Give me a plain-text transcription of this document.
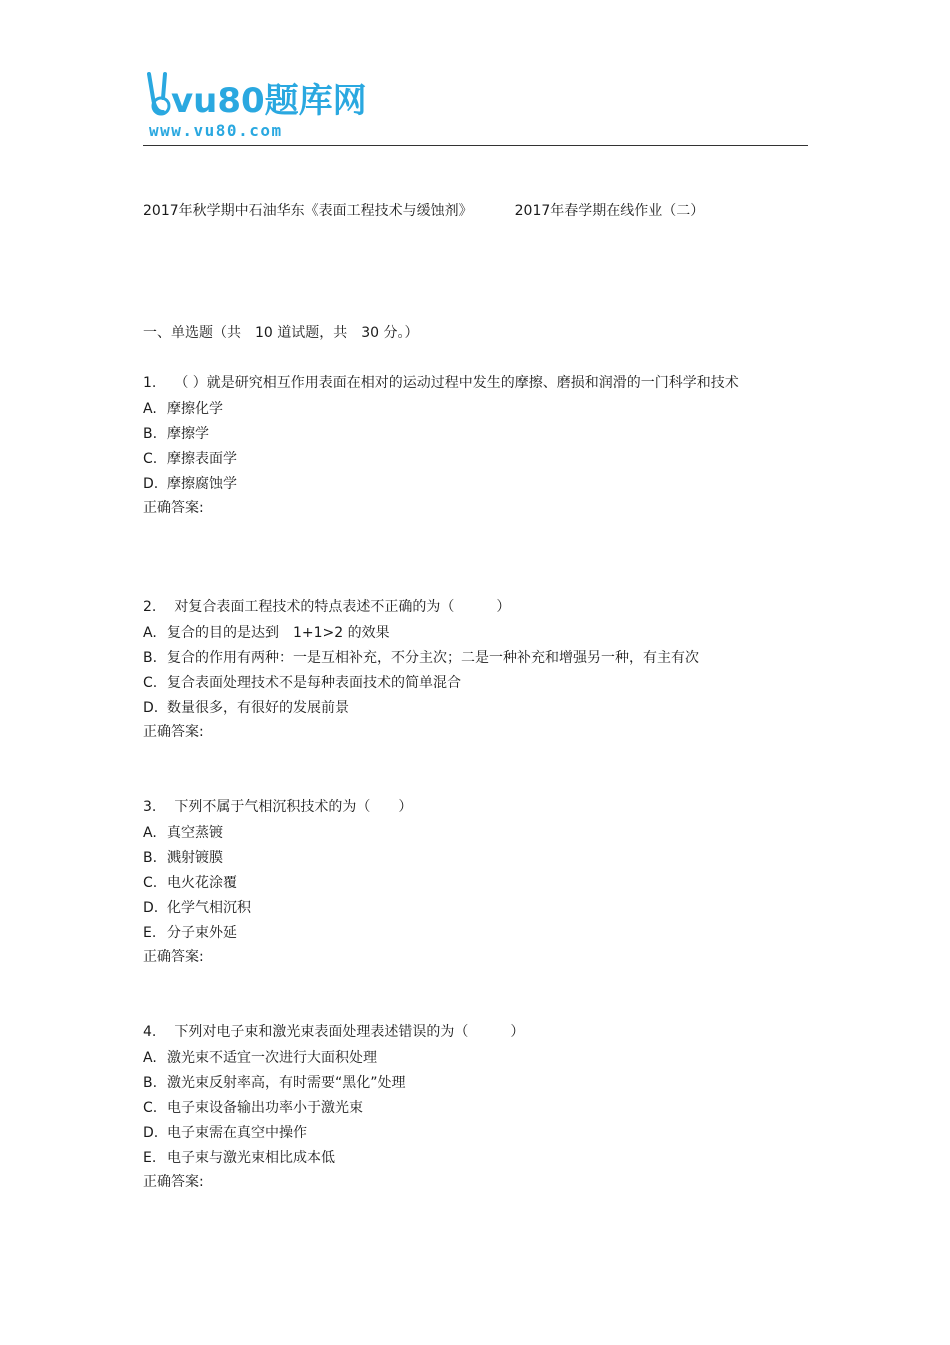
vu80题库网
www.vu80.com
2017年秋学期中石油华东《表面工程技术与缓蚀剂》	2017年春学期在线作业（二）
一、单选题（共　10 道试题，共　30 分。）
1. （ ）就是研究相互作用表面在相对的运动过程中发生的摩擦、磨损和润滑的一门科学和技术
A. 摩擦化学
B. 摩擦学
C. 摩擦表面学
D. 摩擦腐蚀学
正确答案:
2. 对复合表面工程技术的特点表述不正确的为（　　　）
A. 复合的目的是达到　1+1>2 的效果
B. 复合的作用有两种：一是互相补充，不分主次；二是一种补充和增强另一种，有主有次
C. 复合表面处理技术不是每种表面技术的简单混合
D. 数量很多，有很好的发展前景
正确答案:
3. 下列不属于气相沉积技术的为（　　）
A. 真空蒸镀
B. 溅射镀膜
C. 电火花涂覆
D. 化学气相沉积
E. 分子束外延
正确答案:
4. 下列对电子束和激光束表面处理表述错误的为（　　　）
A. 激光束不适宜一次进行大面积处理
B. 激光束反射率高，有时需要“黑化”处理
C. 电子束设备输出功率小于激光束
D. 电子束需在真空中操作
E. 电子束与激光束相比成本低
正确答案:
